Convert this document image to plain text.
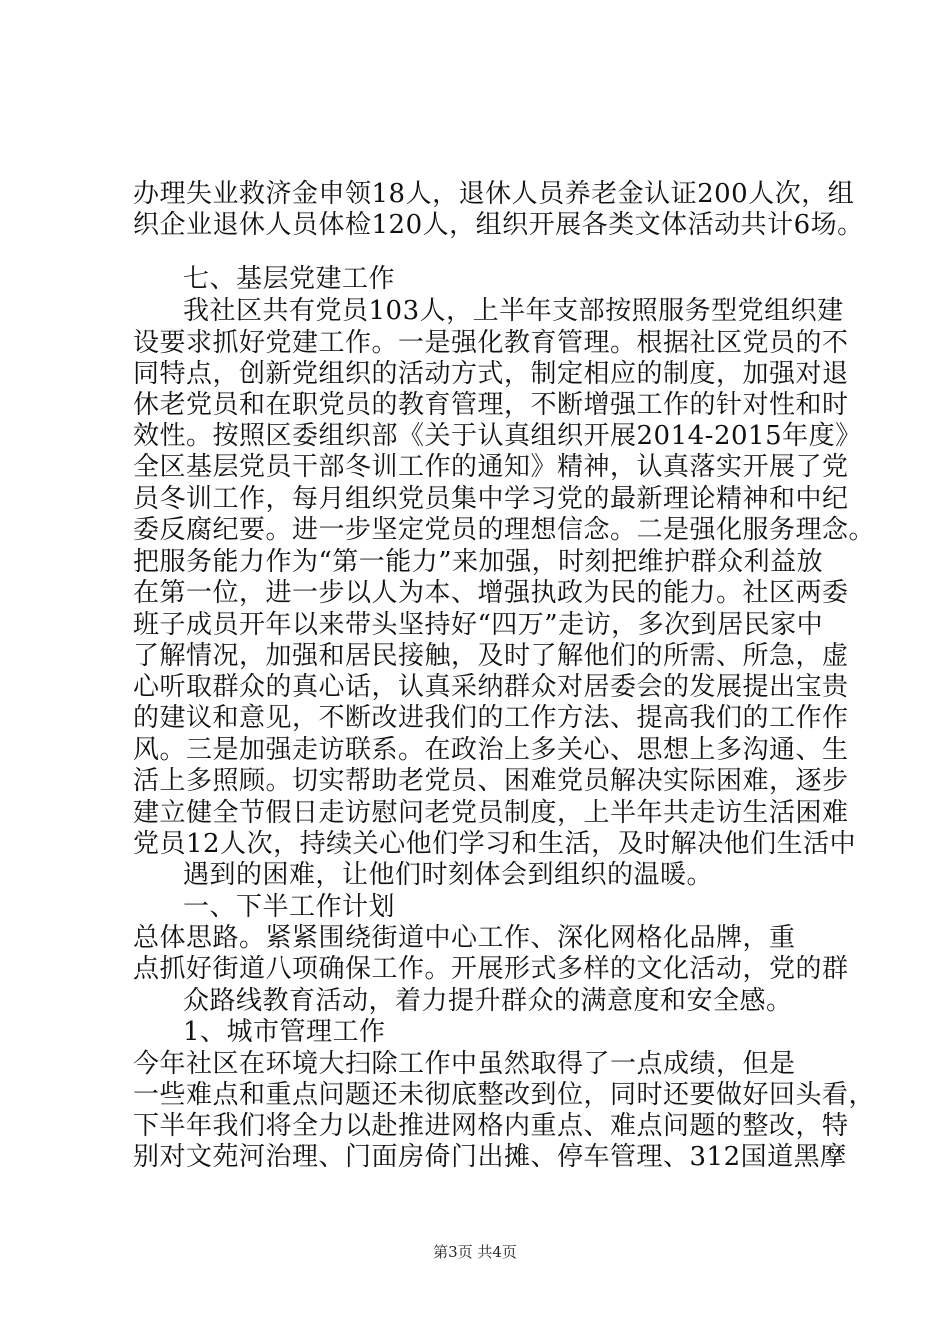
办理失业救济金申领18人，退休人员养老金认证200人次，组
织企业退休人员体检120人，组织开展各类文体活动共计6场。
七、基层党建工作
我社区共有党员103人，上半年支部按照服务型党组织建
设要求抓好党建工作。一是强化教育管理。根据社区党员的不
同特点，创新党组织的活动方式，制定相应的制度，加强对退
休老党员和在职党员的教育管理，不断增强工作的针对性和时
效性。按照区委组织部《关于认真组织开展2014-2015年度》
全区基层党员干部冬训工作的通知》精神，认真落实开展了党
员冬训工作，每月组织党员集中学习党的最新理论精神和中纪
委反腐纪要。进一步坚定党员的理想信念。二是强化服务理念。
把服务能力作为“第一能力”来加强，时刻把维护群众利益放
在第一位，进一步以人为本、增强执政为民的能力。社区两委
班子成员开年以来带头坚持好“四万”走访，多次到居民家中
了解情况，加强和居民接触，及时了解他们的所需、所急，虚
心听取群众的真心话，认真采纳群众对居委会的发展提出宝贵
的建议和意见，不断改进我们的工作方法、提高我们的工作作
风。三是加强走访联系。在政治上多关心、思想上多沟通、生
活上多照顾。切实帮助老党员、困难党员解决实际困难，逐步
建立健全节假日走访慰问老党员制度，上半年共走访生活困难
党员12人次，持续关心他们学习和生活，及时解决他们生活中
遇到的困难，让他们时刻体会到组织的温暖。
一、下半工作计划
总体思路。紧紧围绕街道中心工作、深化网格化品牌，重
点抓好街道八项确保工作。开展形式多样的文化活动，党的群
众路线教育活动，着力提升群众的满意度和安全感。
1、城市管理工作
今年社区在环境大扫除工作中虽然取得了一点成绩，但是
一些难点和重点问题还未彻底整改到位，同时还要做好回头看，
下半年我们将全力以赴推进网格内重点、难点问题的整改，特
别对文苑河治理、门面房倚门出摊、停车管理、312国道黑摩
第3页 共4页
